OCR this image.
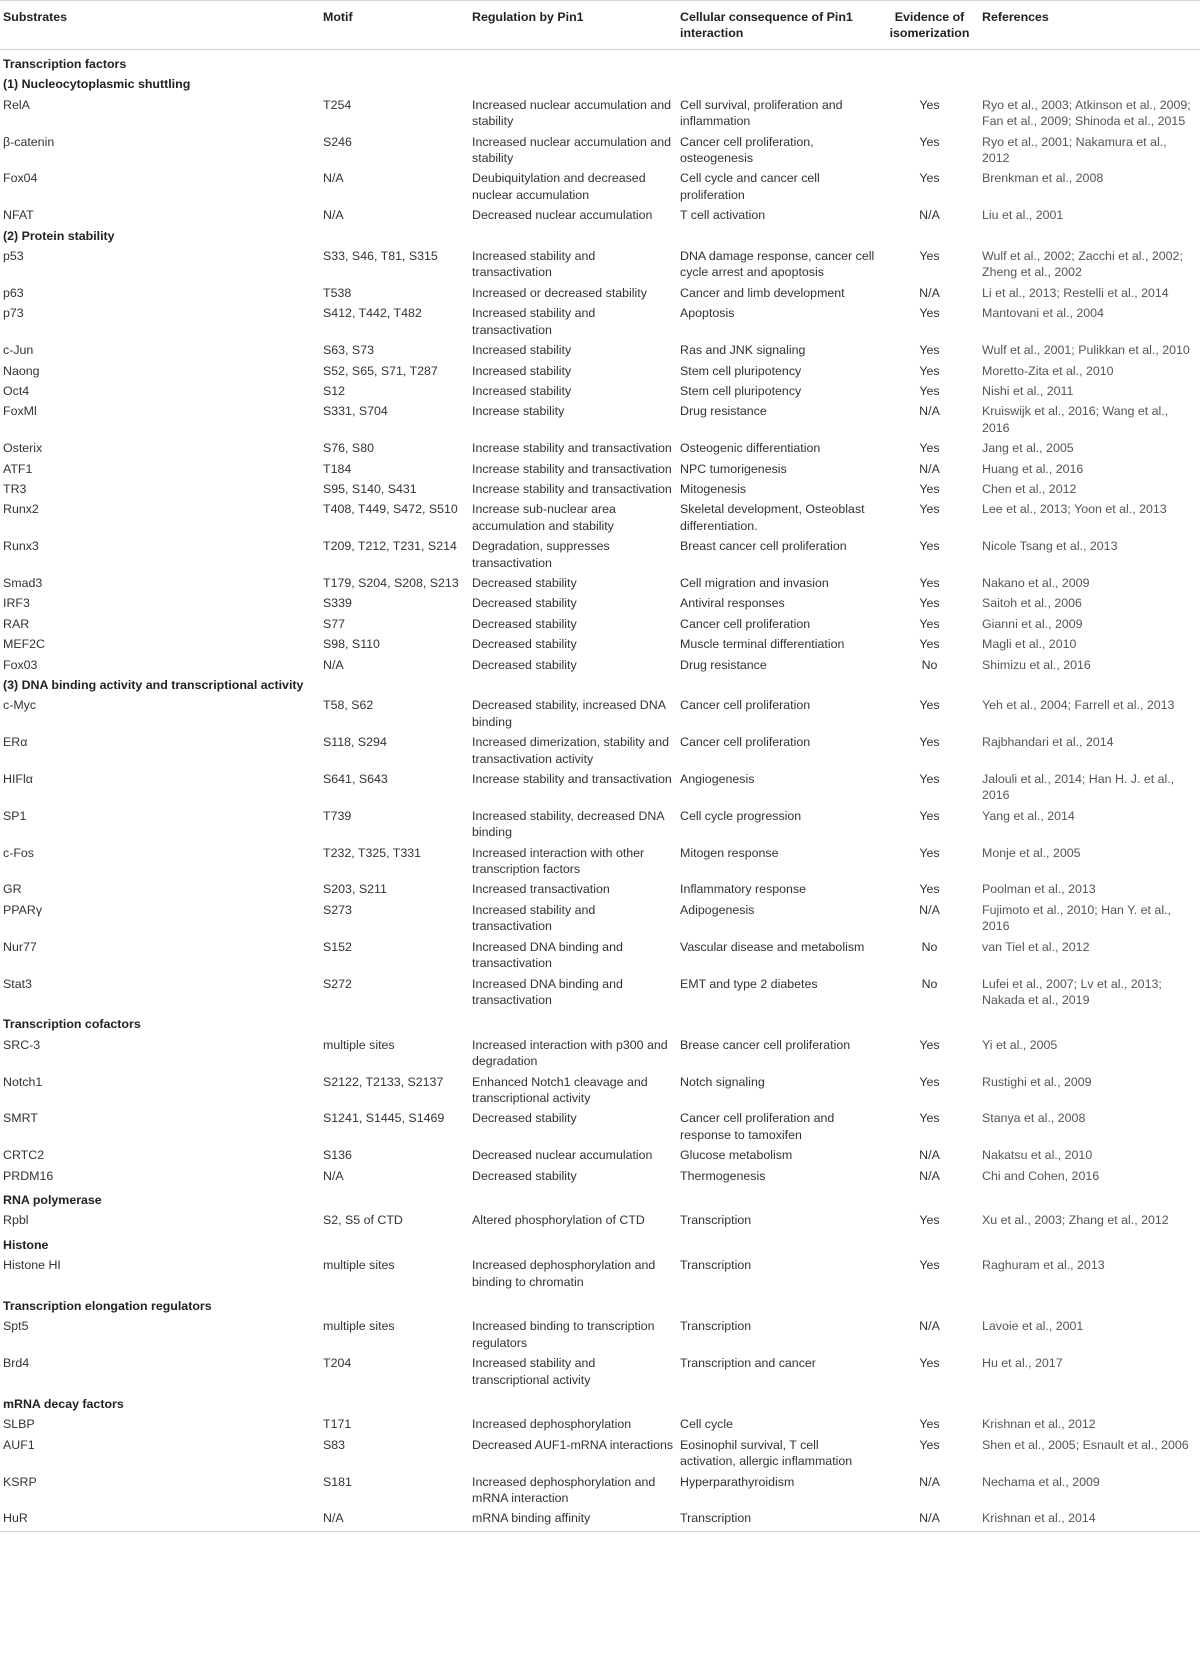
Substrates	Motif	Regulation by Pin1	Cellular consequence of Pin1 interaction	Evidence of isomerization	References
Transcription factors					
(1) Nucleocytoplasmic shuttling					
RelA	T254	Increased nuclear accumulation and stability	Cell survival, proliferation and inflammation	Yes	Ryo et al., 2003; Atkinson et al., 2009; Fan et al., 2009; Shinoda et al., 2015
β-catenin	S246	Increased nuclear accumulation and stability	Cancer cell proliferation, osteogenesis	Yes	Ryo et al., 2001; Nakamura et al., 2012
Fox04	N/A	Deubiquitylation and decreased nuclear accumulation	Cell cycle and cancer cell proliferation	Yes	Brenkman et al., 2008
NFAT	N/A	Decreased nuclear accumulation	T cell activation	N/A	Liu et al., 2001
(2) Protein stability					
p53	S33, S46, T81, S315	Increased stability and transactivation	DNA damage response, cancer cell cycle arrest and apoptosis	Yes	Wulf et al., 2002; Zacchi et al., 2002; Zheng et al., 2002
p63	T538	Increased or decreased stability	Cancer and limb development	N/A	Li et al., 2013; Restelli et al., 2014
p73	S412, T442, T482	Increased stability and transactivation	Apoptosis	Yes	Mantovani et al., 2004
c-Jun	S63, S73	Increased stability	Ras and JNK signaling	Yes	Wulf et al., 2001; Pulikkan et al., 2010
Naong	S52, S65, S71, T287	Increased stability	Stem cell pluripotency	Yes	Moretto-Zita et al., 2010
Oct4	S12	Increased stability	Stem cell pluripotency	Yes	Nishi et al., 2011
FoxMl	S331, S704	Increase stability	Drug resistance	N/A	Kruiswijk et al., 2016; Wang et al., 2016
Osterix	S76, S80	Increase stability and transactivation	Osteogenic differentiation	Yes	Jang et al., 2005
ATF1	T184	Increase stability and transactivation	NPC tumorigenesis	N/A	Huang et al., 2016
TR3	S95, S140, S431	Increase stability and transactivation	Mitogenesis	Yes	Chen et al., 2012
Runx2	T408, T449, S472, S510	Increase sub-nuclear area accumulation and stability	Skeletal development, Osteoblast differentiation.	Yes	Lee et al., 2013; Yoon et al., 2013
Runx3	T209, T212, T231, S214	Degradation, suppresses transactivation	Breast cancer cell proliferation	Yes	Nicole Tsang et al., 2013
Smad3	T179, S204, S208, S213	Decreased stability	Cell migration and invasion	Yes	Nakano et al., 2009
IRF3	S339	Decreased stability	Antiviral responses	Yes	Saitoh et al., 2006
RAR	S77	Decreased stability	Cancer cell proliferation	Yes	Gianni et al., 2009
MEF2C	S98, S110	Decreased stability	Muscle terminal differentiation	Yes	Magli et al., 2010
Fox03	N/A	Decreased stability	Drug resistance	No	Shimizu et al., 2016
(3) DNA binding activity and transcriptional activity					
c-Myc	T58, S62	Decreased stability, increased DNA binding	Cancer cell proliferation	Yes	Yeh et al., 2004; Farrell et al., 2013
ERα	S118, S294	Increased dimerization, stability and transactivation activity	Cancer cell proliferation	Yes	Rajbhandari et al., 2014
HIFlα	S641, S643	Increase stability and transactivation	Angiogenesis	Yes	Jalouli et al., 2014; Han H. J. et al., 2016
SP1	T739	Increased stability, decreased DNA binding	Cell cycle progression	Yes	Yang et al., 2014
c-Fos	T232, T325, T331	Increased interaction with other transcription factors	Mitogen response	Yes	Monje et al., 2005
GR	S203, S211	Increased transactivation	Inflammatory response	Yes	Poolman et al., 2013
PPARγ	S273	Increased stability and transactivation	Adipogenesis	N/A	Fujimoto et al., 2010; Han Y. et al., 2016
Nur77	S152	Increased DNA binding and transactivation	Vascular disease and metabolism	No	van Tiel et al., 2012
Stat3	S272	Increased DNA binding and transactivation	EMT and type 2 diabetes	No	Lufei et al., 2007; Lv et al., 2013; Nakada et al., 2019
Transcription cofactors					
SRC-3	multiple sites	Increased interaction with p300 and degradation	Brease cancer cell proliferation	Yes	Yi et al., 2005
Notch1	S2122, T2133, S2137	Enhanced Notch1 cleavage and transcriptional activity	Notch signaling	Yes	Rustighi et al., 2009
SMRT	S1241, S1445, S1469	Decreased stability	Cancer cell proliferation and response to tamoxifen	Yes	Stanya et al., 2008
CRTC2	S136	Decreased nuclear accumulation	Glucose metabolism	N/A	Nakatsu et al., 2010
PRDM16	N/A	Decreased stability	Thermogenesis	N/A	Chi and Cohen, 2016
RNA polymerase					
Rpbl	S2, S5 of CTD	Altered phosphorylation of CTD	Transcription	Yes	Xu et al., 2003; Zhang et al., 2012
Histone					
Histone HI	multiple sites	Increased dephosphorylation and binding to chromatin	Transcription	Yes	Raghuram et al., 2013
Transcription elongation regulators					
Spt5	multiple sites	Increased binding to transcription regulators	Transcription	N/A	Lavoie et al., 2001
Brd4	T204	Increased stability and transcriptional activity	Transcription and cancer	Yes	Hu et al., 2017
mRNA decay factors					
SLBP	T171	Increased dephosphorylation	Cell cycle	Yes	Krishnan et al., 2012
AUF1	S83	Decreased AUF1-mRNA interactions	Eosinophil survival, T cell activation, allergic inflammation	Yes	Shen et al., 2005; Esnault et al., 2006
KSRP	S181	Increased dephosphorylation and mRNA interaction	Hyperparathyroidism	N/A	Nechama et al., 2009
HuR	N/A	mRNA binding affinity	Transcription	N/A	Krishnan et al., 2014
